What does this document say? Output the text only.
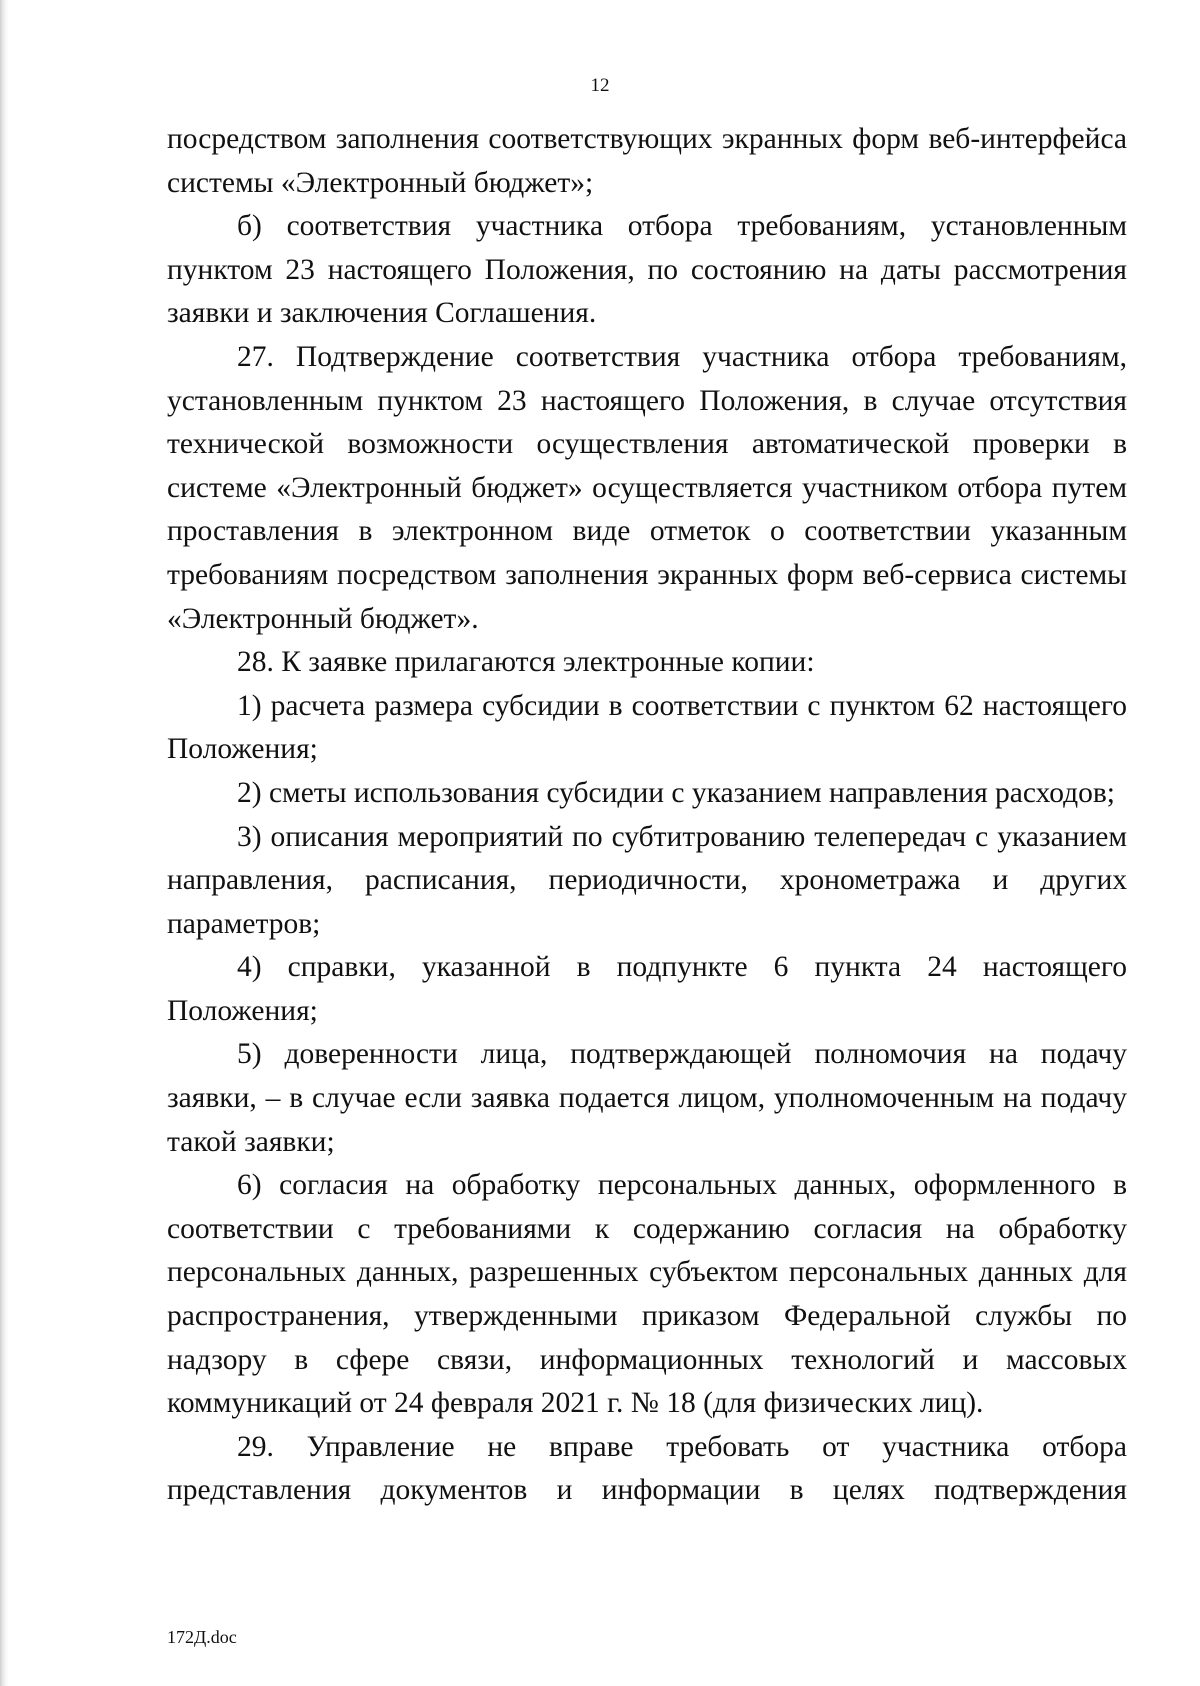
12

посредством заполнения соответствующих экранных форм веб-интерфейса системы «Электронный бюджет»;

б) соответствия участника отбора требованиям, установленным пунктом 23 настоящего Положения, по состоянию на даты рассмотрения заявки и заключения Соглашения.

27. Подтверждение соответствия участника отбора требованиям, установленным пунктом 23 настоящего Положения, в случае отсутствия технической возможности осуществления автоматической проверки в системе «Электронный бюджет» осуществляется участником отбора путем проставления в электронном виде отметок о соответствии указанным требованиям посредством заполнения экранных форм веб-сервиса системы «Электронный бюджет».

28. К заявке прилагаются электронные копии:

1) расчета размера субсидии в соответствии с пунктом 62 настоящего Положения;

2) сметы использования субсидии с указанием направления расходов;

3) описания мероприятий по субтитрованию телепередач с указанием направления, расписания, периодичности, хронометража и других параметров;

4) справки, указанной в подпункте 6 пункта 24 настоящего Положения;

5) доверенности лица, подтверждающей полномочия на подачу заявки, – в случае если заявка подается лицом, уполномоченным на подачу такой заявки;

6) согласия на обработку персональных данных, оформленного в соответствии с требованиями к содержанию согласия на обработку персональных данных, разрешенных субъектом персональных данных для распространения, утвержденными приказом Федеральной службы по надзору в сфере связи, информационных технологий и массовых коммуникаций от 24 февраля 2021 г. № 18 (для физических лиц).

29. Управление не вправе требовать от участника отбора представления документов и информации в целях подтверждения

172Д.doc
